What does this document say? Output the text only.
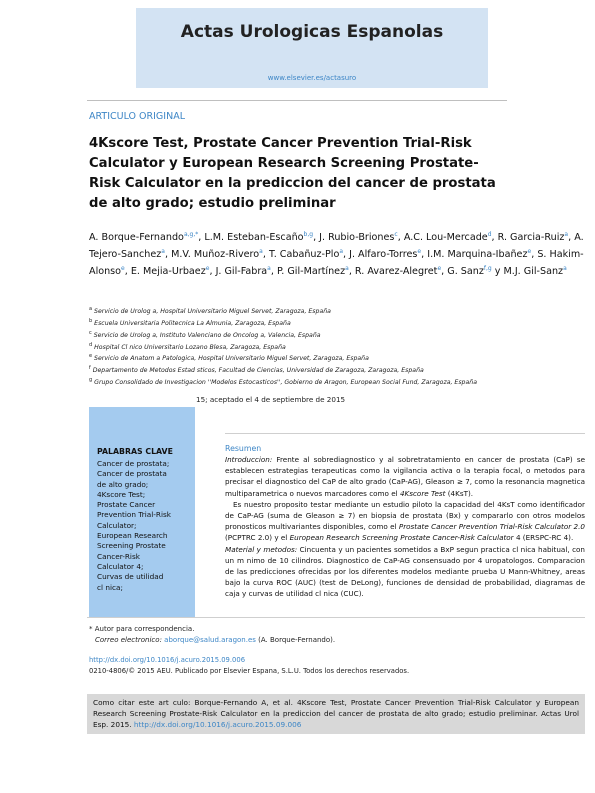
Actas Urologicas Espanolas
www.elsevier.es/actasuro
ARTICULO ORIGINAL
4Kscore Test, Prostate Cancer Prevention Trial-Risk Calculator y European Research Screening Prostate-Risk Calculator en la prediccion del cancer de prostata de alto grado; estudio preliminar
A. Borque-Fernando$^{a,g,*}$, L.M. Esteban-Escaño$^{b,g}$, J. Rubio-Briones$^c$, A.C. Lou-Mercade$^d$, R. Garcia-Ruiz$^a$, A. Tejero-Sanchez$^a$, M.V. Muñoz-Rivero$^a$, T. Cabañuz-Plo$^a$, J. Alfaro-Torres$^e$, I.M. Marquina-Ibañez$^e$, S. Hakim-Alonso$^e$, E. Mejia-Urbaez$^e$, J. Gil-Fabra$^a$, P. Gil-Martínez$^a$, R. Avarez-Alegret$^e$, G. Sanz$^{f,g}$ y M.J. Gil-Sanz$^a$
$^a$ Servicio de Urolog a, Hospital Universitario Miguel Servet, Zaragoza, España
$^b$ Escuela Universitaria Politecnica La Almunia, Zaragoza, España
$^c$ Servicio de Urolog a, Instituto Valenciano de Oncolog a, Valencia, España
$^d$ Hospital Cl nico Universitario Lozano Blesa, Zaragoza, España
$^e$ Servicio de Anatom a Patologica, Hospital Universitario Miguel Servet, Zaragoza, España
$^f$ Departamento de Metodos Estad sticos, Facultad de Ciencias, Universidad de Zaragoza, Zaragoza, España
$^g$ Grupo Consolidado de Investigacion ''Modelos Estocasticos'', Gobierno de Aragon, European Social Fund, Zaragoza, España
15; aceptado el 4 de septiembre de 2015
PALABRAS CLAVE
Cancer de prostata;
Cancer de prostata
de alto grado;
4Kscore Test;
Prostate Cancer
Prevention Trial-Risk
Calculator;
European Research
Screening Prostate
Cancer-Risk
Calculator 4;
Curvas de utilidad
cl nica;
Resumen

Introduccion: Frente al sobrediagnostico y al sobretratamiento en cancer de prostata (CaP) se establecen estrategias terapeuticas como la vigilancia activa o la terapia focal, o metodos para precisar el diagnostico del CaP de alto grado (CaP-AG), Gleason ≥ 7, como la resonancia magnetica multiparametrica o nuevos marcadores como el 4Kscore Test (4KsT).

Es nuestro proposito testar mediante un estudio piloto la capacidad del 4KsT como identificador de CaP-AG (suma de Gleason ≥ 7) en biopsia de prostata (Bx) y compararlo con otros modelos pronosticos multivariantes disponibles, como el Prostate Cancer Prevention Trial-Risk Calculator 2.0 (PCPTRC 2.0) y el European Research Screening Prostate Cancer-Risk Calculator 4 (ERSPC-RC 4).

Material y metodos: Cincuenta y un pacientes sometidos a BxP segun practica cl nica habitual, con un m nimo de 10 cilindros. Diagnostico de CaP-AG consensuado por 4 uropatologos. Comparacion de las predicciones ofrecidas por los diferentes modelos mediante prueba U Mann-Whitney, areas bajo la curva ROC (AUC) (test de DeLong), funciones de densidad de probabilidad, diagramas de caja y curvas de utilidad cl nica (CUC).

* Autor para correspondencia.
Correo electronico: aborque@salud.aragon.es (A. Borque-Fernando).
http://dx.doi.org/10.1016/j.acuro.2015.09.006
0210-4806/© 2015 AEU. Publicado por Elsevier Espana, S.L.U. Todos los derechos reservados.
Como citar este art culo: Borque-Fernando A, et al. 4Kscore Test, Prostate Cancer Prevention Trial-Risk Calculator y European Research Screening Prostate-Risk Calculator en la prediccion del cancer de prostata de alto grado; estudio preliminar. Actas Urol Esp. 2015. http://dx.doi.org/10.1016/j.acuro.2015.09.006
